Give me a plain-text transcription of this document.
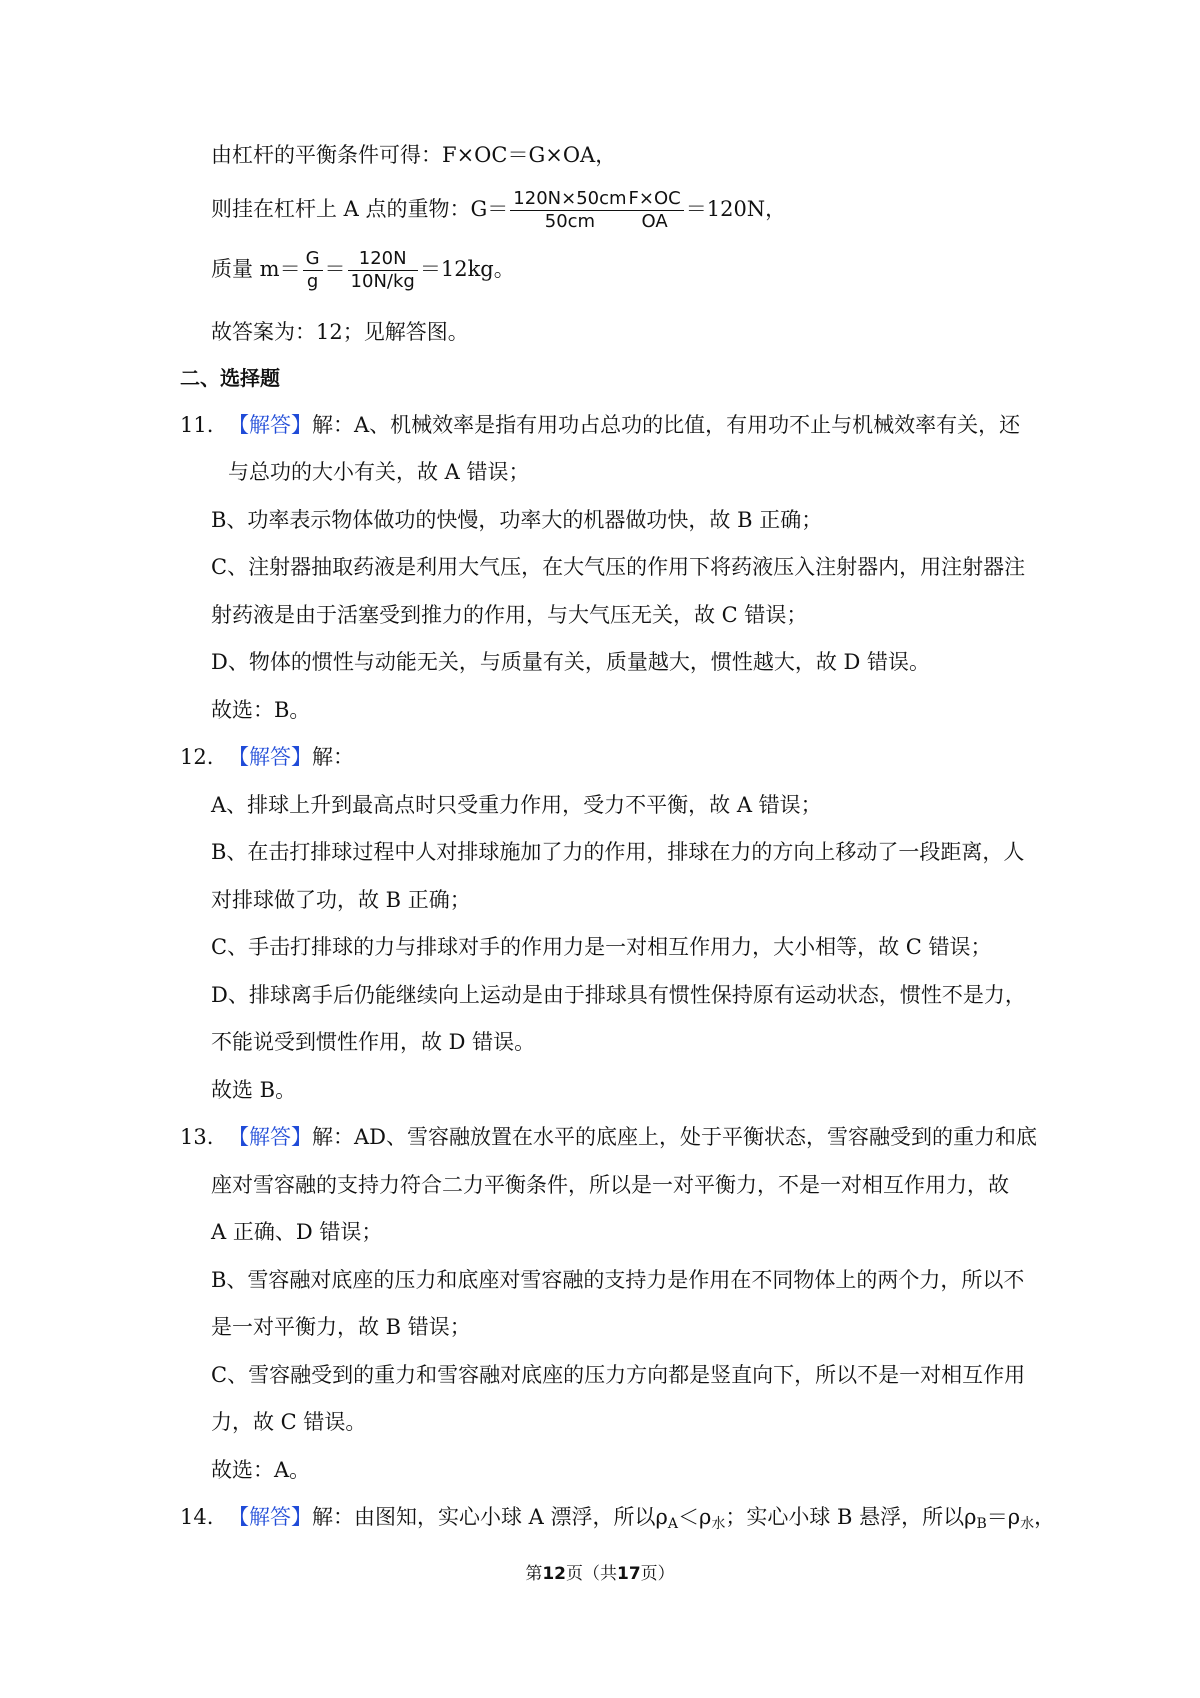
由杠杆的平衡条件可得：F×OC＝G×OA，
则挂在杠杆上 A 点的重物：$G= \frac{120N\times 50cm}{50cm}$
$\frac{F\times OC}{OA} =120N$，
质量 $m= \frac{G}{g} = \frac{120N}{10N/kg} =12kg$。
故答案为：12；见解答图。
二、选择题
11. 【解答】解：A、机械效率是指有用功占总功的比值，有用功不止与机械效率有关，还
与总功的大小有关，故 A 错误；
B、功率表示物体做功的快慢，功率大的机器做功快，故 B 正确；
C、注射器抽取药液是利用大气压，在大气压的作用下将药液压入注射器内，用注射器注
射药液是由于活塞受到推力的作用，与大气压无关，故 C 错误；
D、物体的惯性与动能无关，与质量有关，质量越大，惯性越大，故 D 错误。
故选：B。
12. 【解答】解：
A、排球上升到最高点时只受重力作用，受力不平衡，故 A 错误；
B、在击打排球过程中人对排球施加了力的作用，排球在力的方向上移动了一段距离，人
对排球做了功，故 B 正确；
C、手击打排球的力与排球对手的作用力是一对相互作用力，大小相等，故 C 错误；
D、排球离手后仍能继续向上运动是由于排球具有惯性保持原有运动状态，惯性不是力，
不能说受到惯性作用，故 D 错误。
故选 B。
13. 【解答】解：AD、雪容融放置在水平的底座上，处于平衡状态，雪容融受到的重力和底
座对雪容融的支持力符合二力平衡条件，所以是一对平衡力，不是一对相互作用力，故
A 正确、D 错误；
B、雪容融对底座的压力和底座对雪容融的支持力是作用在不同物体上的两个力，所以不
是一对平衡力，故 B 错误；
C、雪容融受到的重力和雪容融对底座的压力方向都是竖直向下，所以不是一对相互作用
力，故 C 错误。
故选：A。
14. 【解答】解：由图知，实心小球 A 漂浮，所以$\rho_A<\rho_水$；实心小球 B 悬浮，所以$\rho_B=\rho_水$，
第12页（共17页）
